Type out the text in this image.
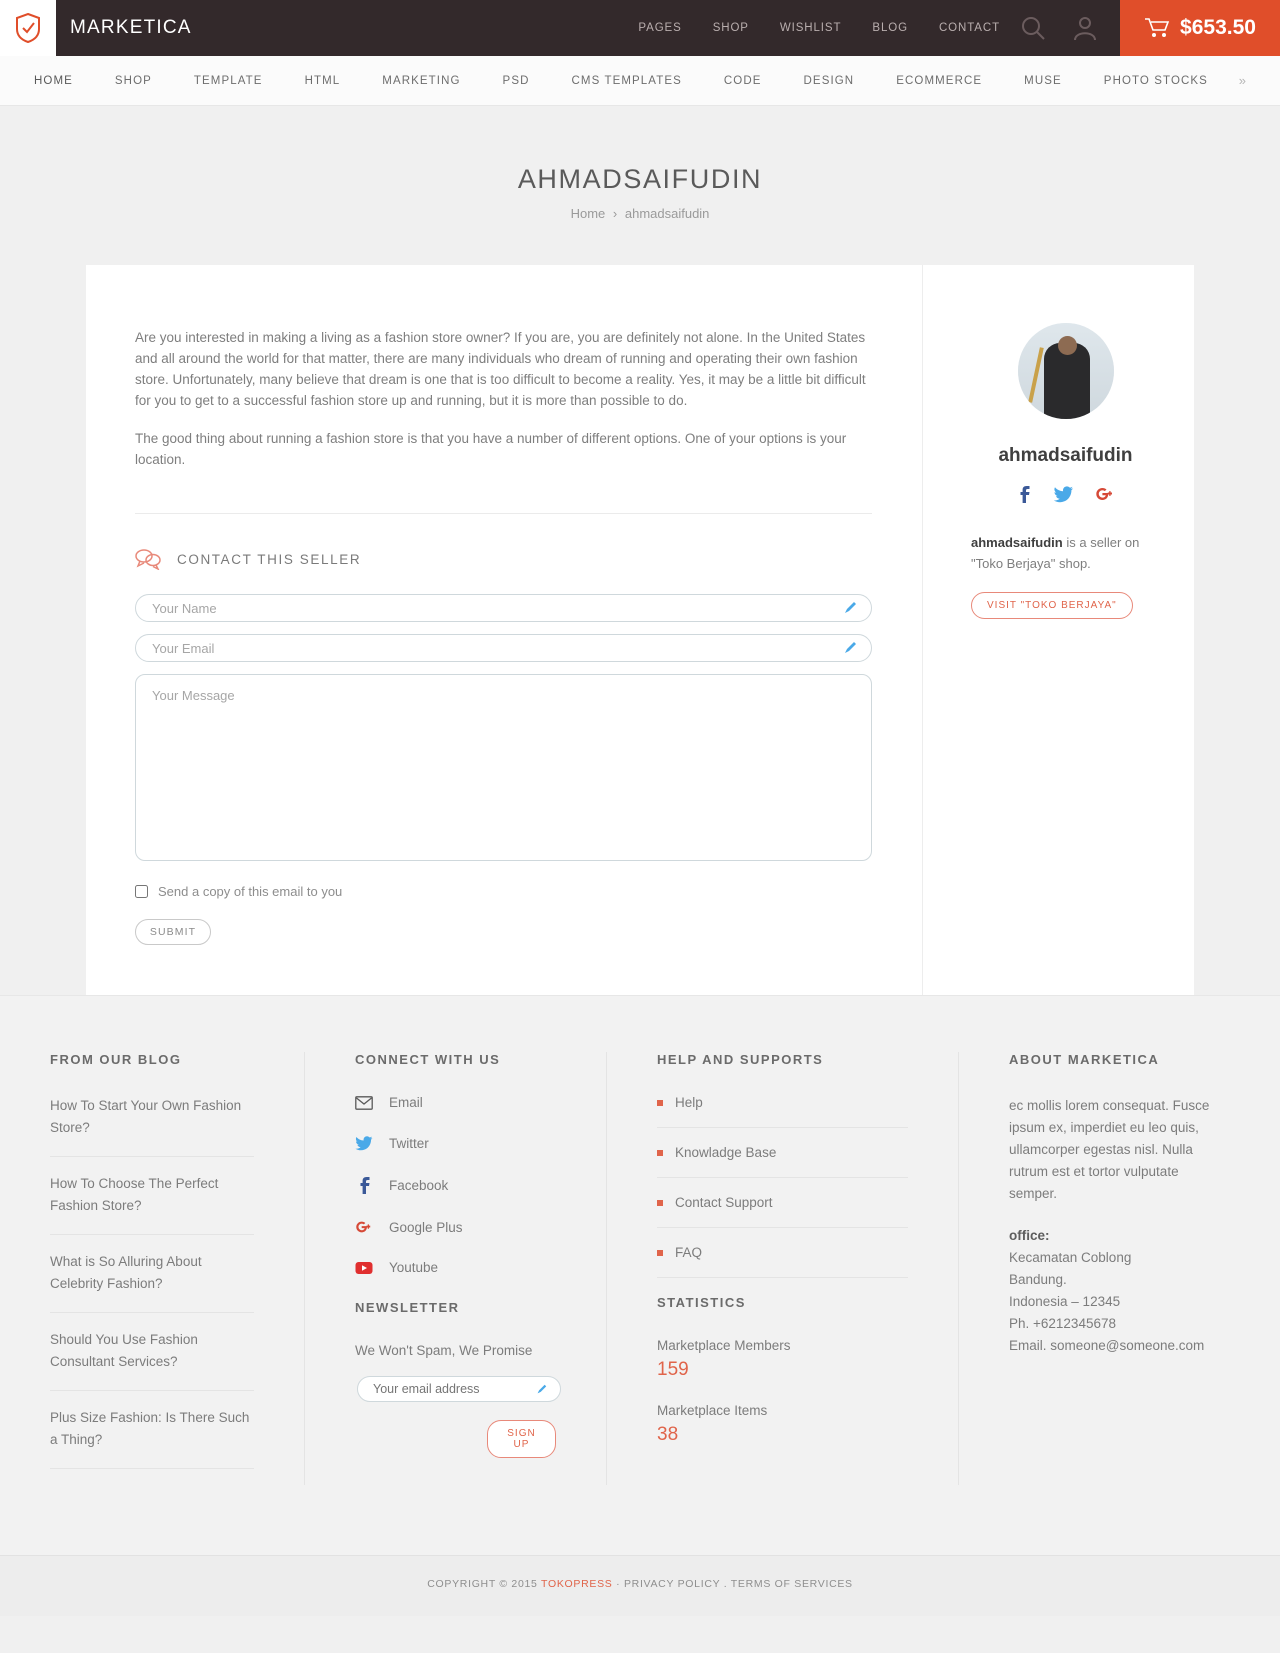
MARKETICA	PAGES	SHOP	WISHLIST	BLOG	CONTACT	$653.50
HOME	SHOP	TEMPLATE	HTML	MARKETING	PSD	CMS TEMPLATES	CODE	DESIGN	ECOMMERCE	MUSE	PHOTO STOCKS »
AHMADSAIFUDIN
Home › ahmadsaifudin

Are you interested in making a living as a fashion store owner? If you are, you are definitely not alone. In the United States and all around the world for that matter, there are many individuals who dream of running and operating their own fashion store. Unfortunately, many believe that dream is one that is too difficult to become a reality. Yes, it may be a little bit difficult for you to get to a successful fashion store up and running, but it is more than possible to do.

The good thing about running a fashion store is that you have a number of different options. One of your options is your location.

CONTACT THIS SELLER
Your Name
Your Email
Your Message
Send a copy of this email to you
SUBMIT
ahmadsaifudin
ahmadsaifudin is a seller on "Toko Berjaya" shop.
VISIT "TOKO BERJAYA"
FROM OUR BLOG
How To Start Your Own Fashion Store?
How To Choose The Perfect Fashion Store?
What is So Alluring About Celebrity Fashion?
Should You Use Fashion Consultant Services?
Plus Size Fashion: Is There Such a Thing?
CONNECT WITH US
Email
Twitter
Facebook
Google Plus
Youtube
NEWSLETTER

We Won't Spam, We Promise

Your email address
SIGN UP
HELP AND SUPPORTS
Help
Knowladge Base
Contact Support
FAQ
STATISTICS
Marketplace Members
159
Marketplace Items
38
ABOUT MARKETICA

ec mollis lorem consequat. Fusce ipsum ex, imperdiet eu leo quis, ullamcorper egestas nisl. Nulla rutrum est et tortor vulputate semper.

office:
Kecamatan Coblong
Bandung.
Indonesia – 12345
Ph. +6212345678
Email. someone@someone.com
COPYRIGHT © 2015 TOKOPRESS · PRIVACY POLICY . TERMS OF SERVICES
